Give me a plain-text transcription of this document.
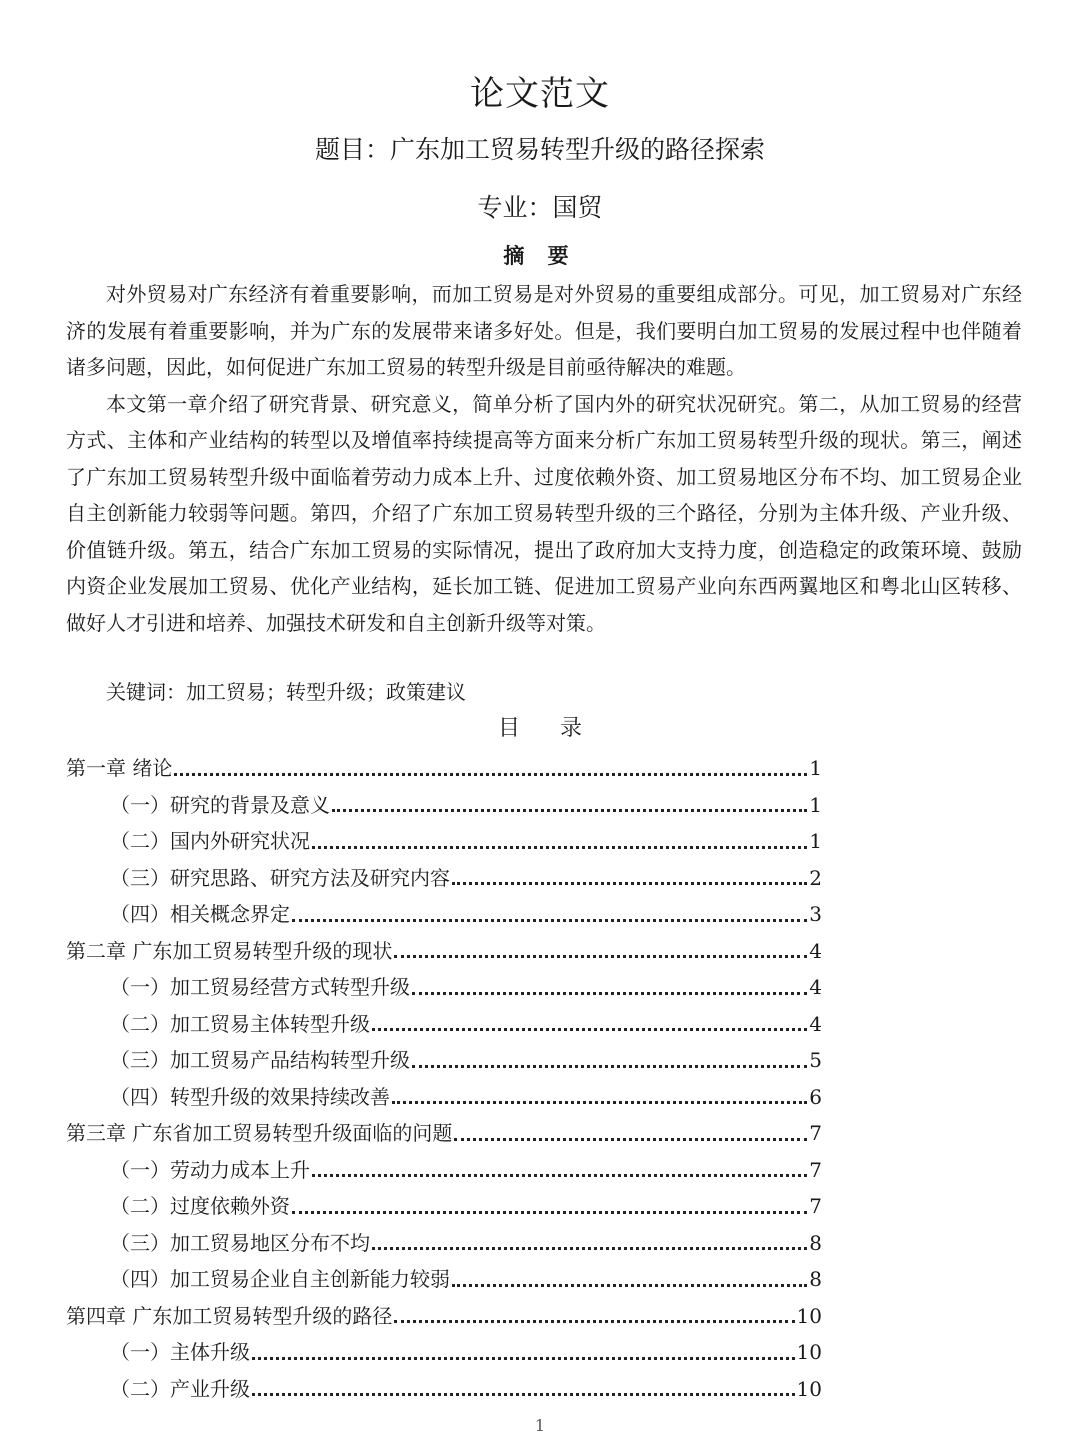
论文范文
题目：广东加工贸易转型升级的路径探索
专业：国贸
摘 要

对外贸易对广东经济有着重要影响，而加工贸易是对外贸易的重要组成部分。可见，加工贸易对广东经济的发展有着重要影响，并为广东的发展带来诸多好处。但是，我们要明白加工贸易的发展过程中也伴随着诸多问题，因此，如何促进广东加工贸易的转型升级是目前亟待解决的难题。

本文第一章介绍了研究背景、研究意义，简单分析了国内外的研究状况研究。第二，从加工贸易的经营方式、主体和产业结构的转型以及增值率持续提高等方面来分析广东加工贸易转型升级的现状。第三，阐述了广东加工贸易转型升级中面临着劳动力成本上升、过度依赖外资、加工贸易地区分布不均、加工贸易企业自主创新能力较弱等问题。第四，介绍了广东加工贸易转型升级的三个路径，分别为主体升级、产业升级、价值链升级。第五，结合广东加工贸易的实际情况，提出了政府加大支持力度，创造稳定的政策环境、鼓励内资企业发展加工贸易、优化产业结构，延长加工链、促进加工贸易产业向东西两翼地区和粤北山区转移、做好人才引进和培养、加强技术研发和自主创新升级等对策。

关键词：加工贸易；转型升级；政策建议
目录
第一章 绪论	1
（一）研究的背景及意义	1
（二）国内外研究状况	1
（三）研究思路、研究方法及研究内容	2
（四）相关概念界定	3
第二章 广东加工贸易转型升级的现状	4
（一）加工贸易经营方式转型升级	4
（二）加工贸易主体转型升级	4
（三）加工贸易产品结构转型升级	5
（四）转型升级的效果持续改善	6
第三章 广东省加工贸易转型升级面临的问题	7
（一）劳动力成本上升	7
（二）过度依赖外资	7
（三）加工贸易地区分布不均	8
（四）加工贸易企业自主创新能力较弱	8
第四章 广东加工贸易转型升级的路径	10
（一）主体升级	10
（二）产业升级	10
1
